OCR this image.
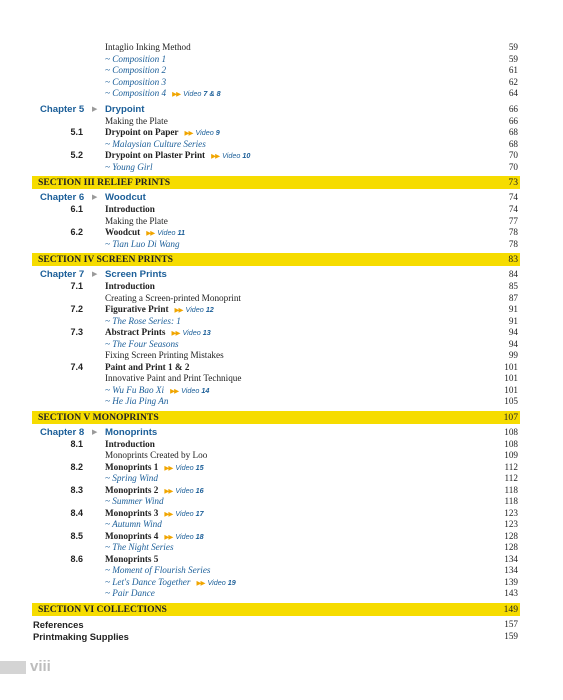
Intaglio Inking Method	59
~ Composition 1	59
~ Composition 2	61
~ Composition 3	62
~ Composition 4 ▶▶ Video 7 & 8	64
Chapter 5	▶ Drypoint	66
Making the Plate	66
5.1 Drypoint on Paper ▶▶ Video 9	68
~ Malaysian Culture Series	68
5.2 Drypoint on Plaster Print ▶▶ Video 10	70
~ Young Girl	70
SECTION III RELIEF PRINTS	73
Chapter 6	▶ Woodcut	74
6.1 Introduction	74
Making the Plate	77
6.2 Woodcut ▶▶ Video 11	78
~ Tian Luo Di Wang	78
SECTION IV SCREEN PRINTS	83
Chapter 7	▶ Screen Prints	84
7.1 Introduction	85
Creating a Screen-printed Monoprint	87
7.2 Figurative Print ▶▶ Video 12	91
~ The Rose Series: 1	91
7.3 Abstract Prints ▶▶ Video 13	94
~ The Four Seasons	94
Fixing Screen Printing Mistakes	99
7.4 Paint and Print 1 & 2	101
Innovative Paint and Print Technique	101
~ Wu Fu Bao Xi ▶▶ Video 14	101
~ He Jia Ping An	105
SECTION V MONOPRINTS	107
Chapter 8	▶ Monoprints	108
8.1 Introduction	108
Monoprints Created by Loo	109
8.2 Monoprints 1 ▶▶ Video 15	112
~ Spring Wind	112
8.3 Monoprints 2 ▶▶ Video 16	118
~ Summer Wind	118
8.4 Monoprints 3 ▶▶ Video 17	123
~ Autumn Wind	123
8.5 Monoprints 4 ▶▶ Video 18	128
~ The Night Series	128
8.6 Monoprints 5	134
~ Moment of Flourish Series	134
~ Let's Dance Together ▶▶ Video 19	139
~ Pair Dance	143
SECTION VI COLLECTIONS	149
References	157
Printmaking Supplies	159
viii
